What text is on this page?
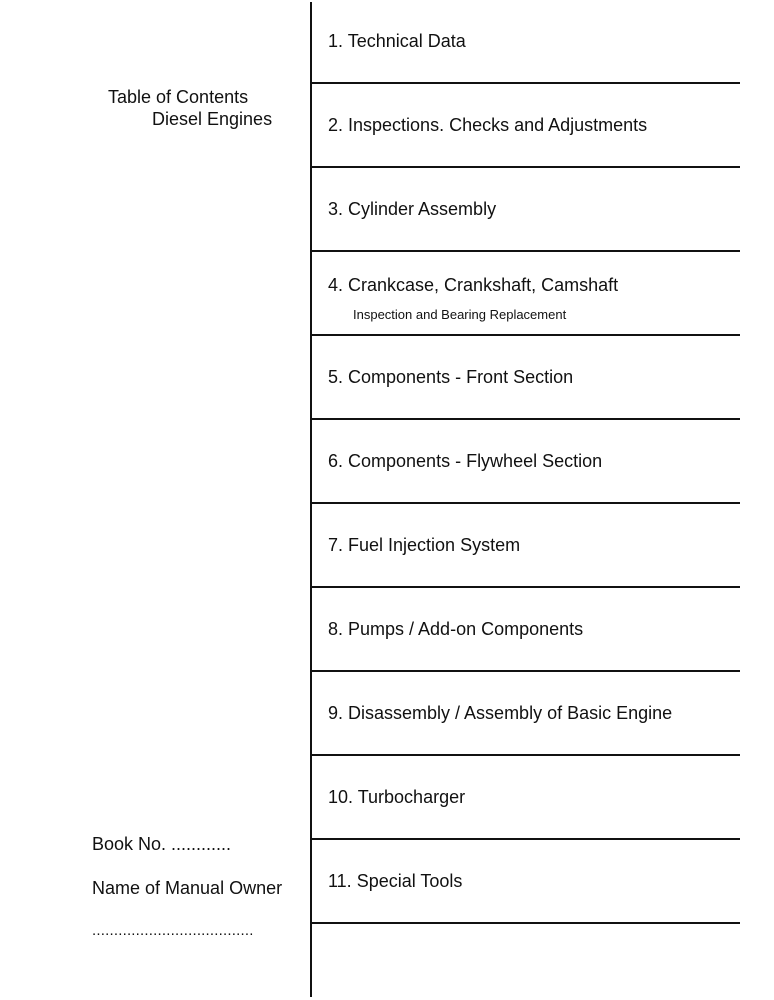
Table of Contents
Diesel Engines
Book No. ............
Name of Manual Owner
.....................................
1. Technical Data
2. Inspections. Checks and Adjustments
3. Cylinder Assembly
4. Crankcase, Crankshaft, Camshaft
Inspection and Bearing Replacement
5. Components - Front Section
6. Components - Flywheel Section
7. Fuel Injection System
8. Pumps / Add-on Components
9. Disassembly / Assembly of Basic Engine
10. Turbocharger
11. Special Tools
